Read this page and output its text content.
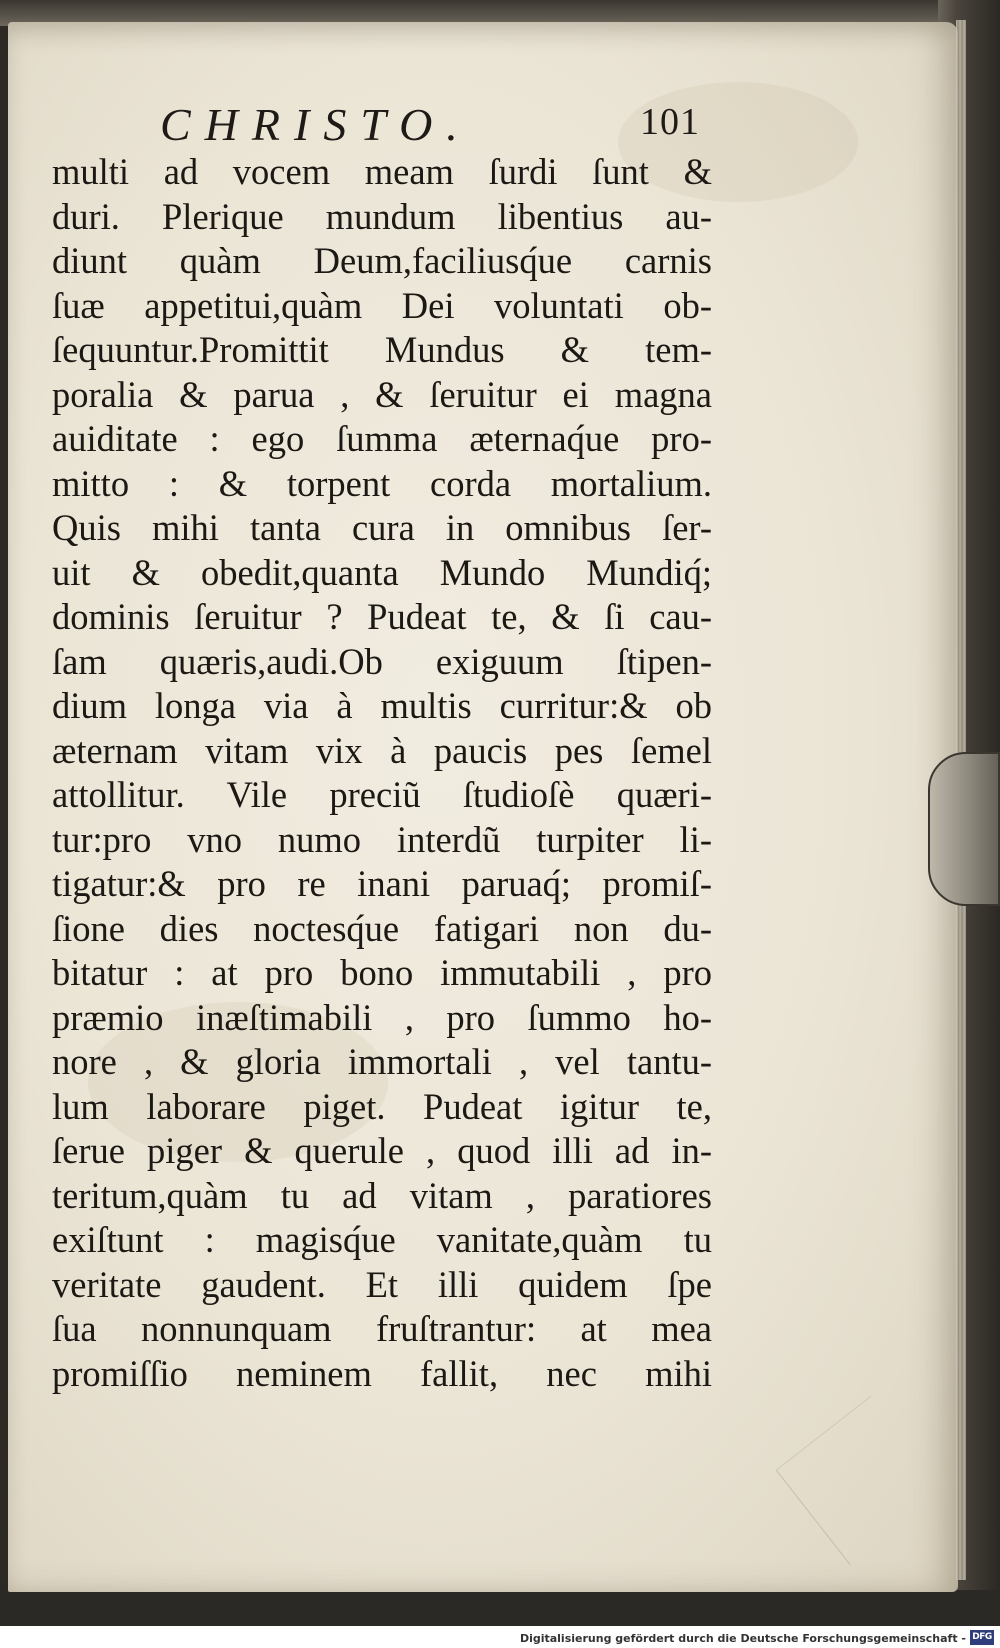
CHRISTO.	101
multi ad vocem meam ſurdi ſunt &
duri. Plerique mundum libentius au-
diunt quàm Deum,faciliusq́ue carnis
ſuæ appetitui,quàm Dei voluntati ob-
ſequuntur.Promittit Mundus & tem-
poralia & parua , & ſeruitur ei magna
auiditate : ego ſumma æternaq́ue pro-
mitto : & torpent corda mortalium.
Quis mihi tanta cura in omnibus ſer-
uit & obedit,quanta Mundo Mundiq́;
dominis ſeruitur ? Pudeat te, & ſi cau-
ſam quæris,audi.Ob exiguum ſtipen-
dium longa via à multis curritur:& ob
æternam vitam vix à paucis pes ſemel
attollitur. Vile preciũ ſtudioſè quæri-
tur:pro vno numo interdũ turpiter li-
tigatur:& pro re inani paruaq́; promiſ-
ſione dies noctesq́ue fatigari non du-
bitatur : at pro bono immutabili , pro
præmio inæſtimabili , pro ſummo ho-
nore , & gloria immortali , vel tantu-
lum laborare piget. Pudeat igitur te,
ſerue piger & querule , quod illi ad in-
teritum,quàm tu ad vitam , paratiores
exiſtunt : magisq́ue vanitate,quàm tu
veritate gaudent. Et illi quidem ſpe
ſua nonnunquam fruſtrantur: at mea
promiſſio neminem fallit, nec mihi
Digitalisierung gefördert durch die Deutsche Forschungsgemeinschaft - DFG
